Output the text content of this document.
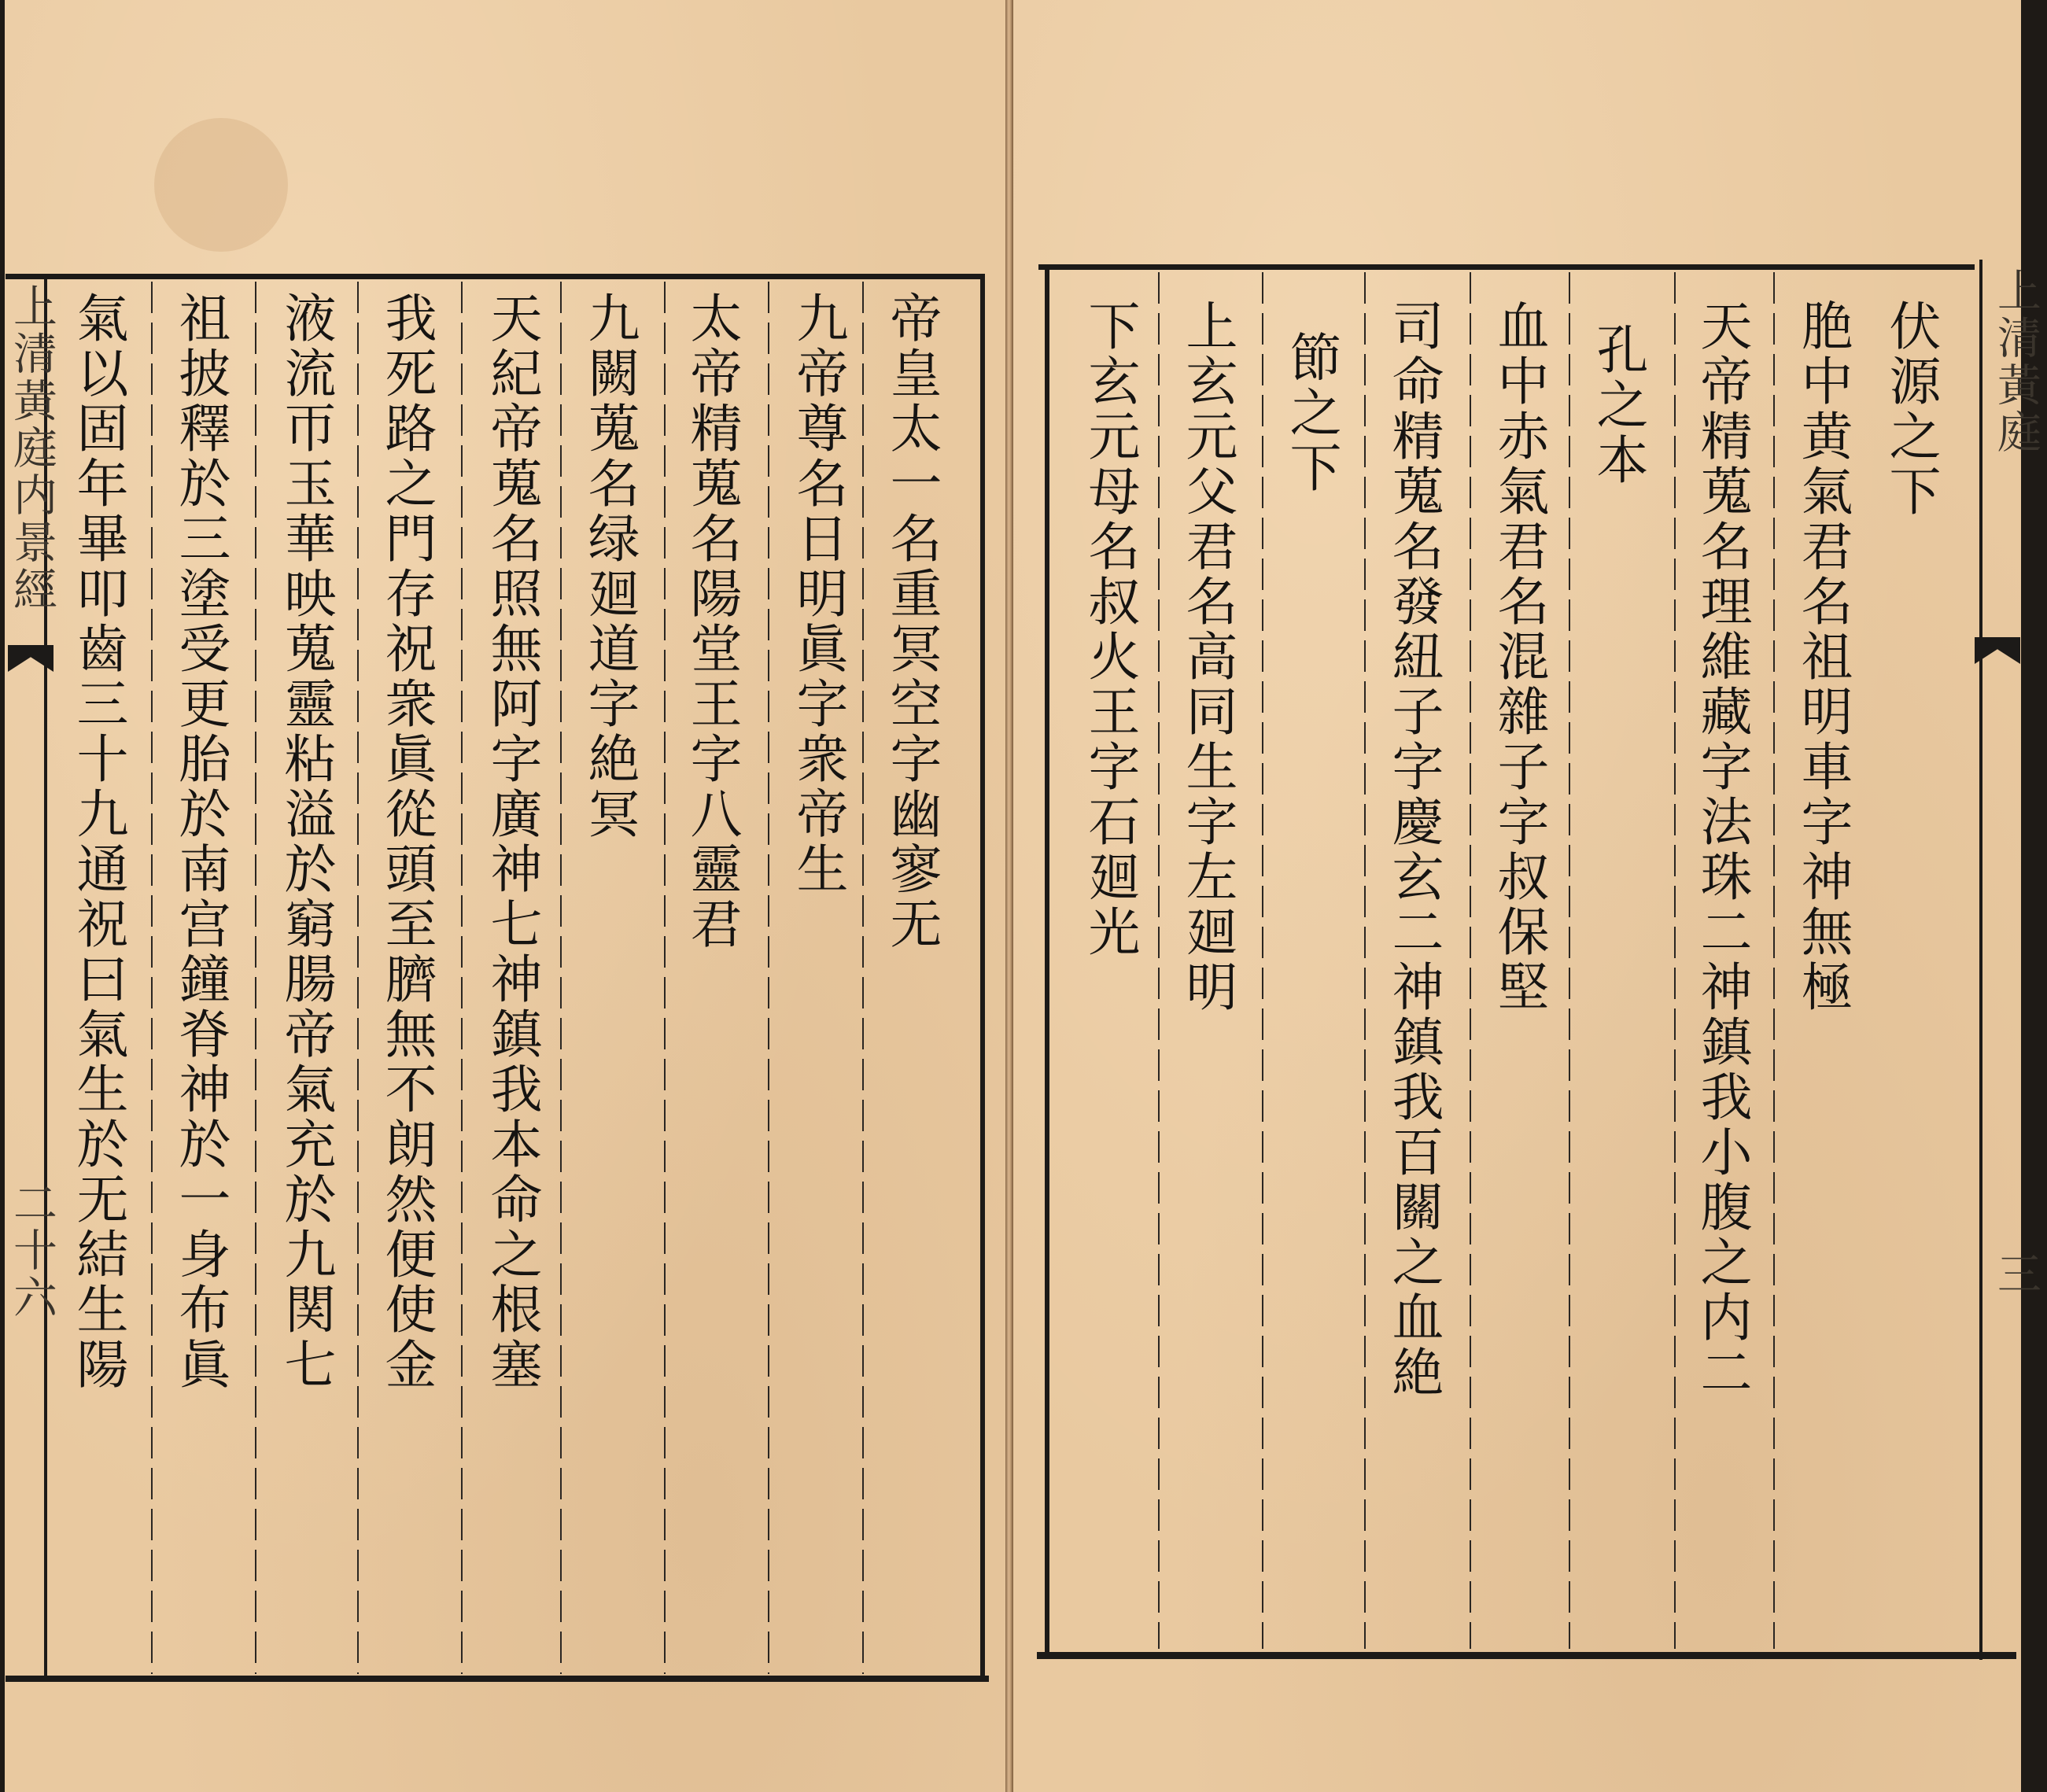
上清黃庭内景經
二十六
帝皇太一名重冥空字幽寥无
九帝尊名日明眞字衆帝生
太帝精蒐名陽堂王字八靈君
九闕蒐名绿廻道字絶冥
天紀帝蒐名照無阿字廣神七神鎮我本命之根塞
我死路之門存祝衆眞從頭至臍無不朗然便使金
液流帀玉華映蒐靈粘溢於窮腸帝氣充於九関七
祖披釋於三塗受更胎於南宫鐘脊神於一身布眞
氣以固年畢叩齒三十九通祝曰氣生於无結生陽	上清黃庭
三
伏源之下
脃中黄氣君名祖明車字神無極
天帝精蒐名理維藏字法珠二神鎮我小腹之内二
孔之本
血中赤氣君名混雜子字叔保堅
司命精蒐名發紐子字慶玄二神鎮我百關之血絶
節之下
上玄元父君名高同生字左廻明
下玄元母名叔火王字石廻光
